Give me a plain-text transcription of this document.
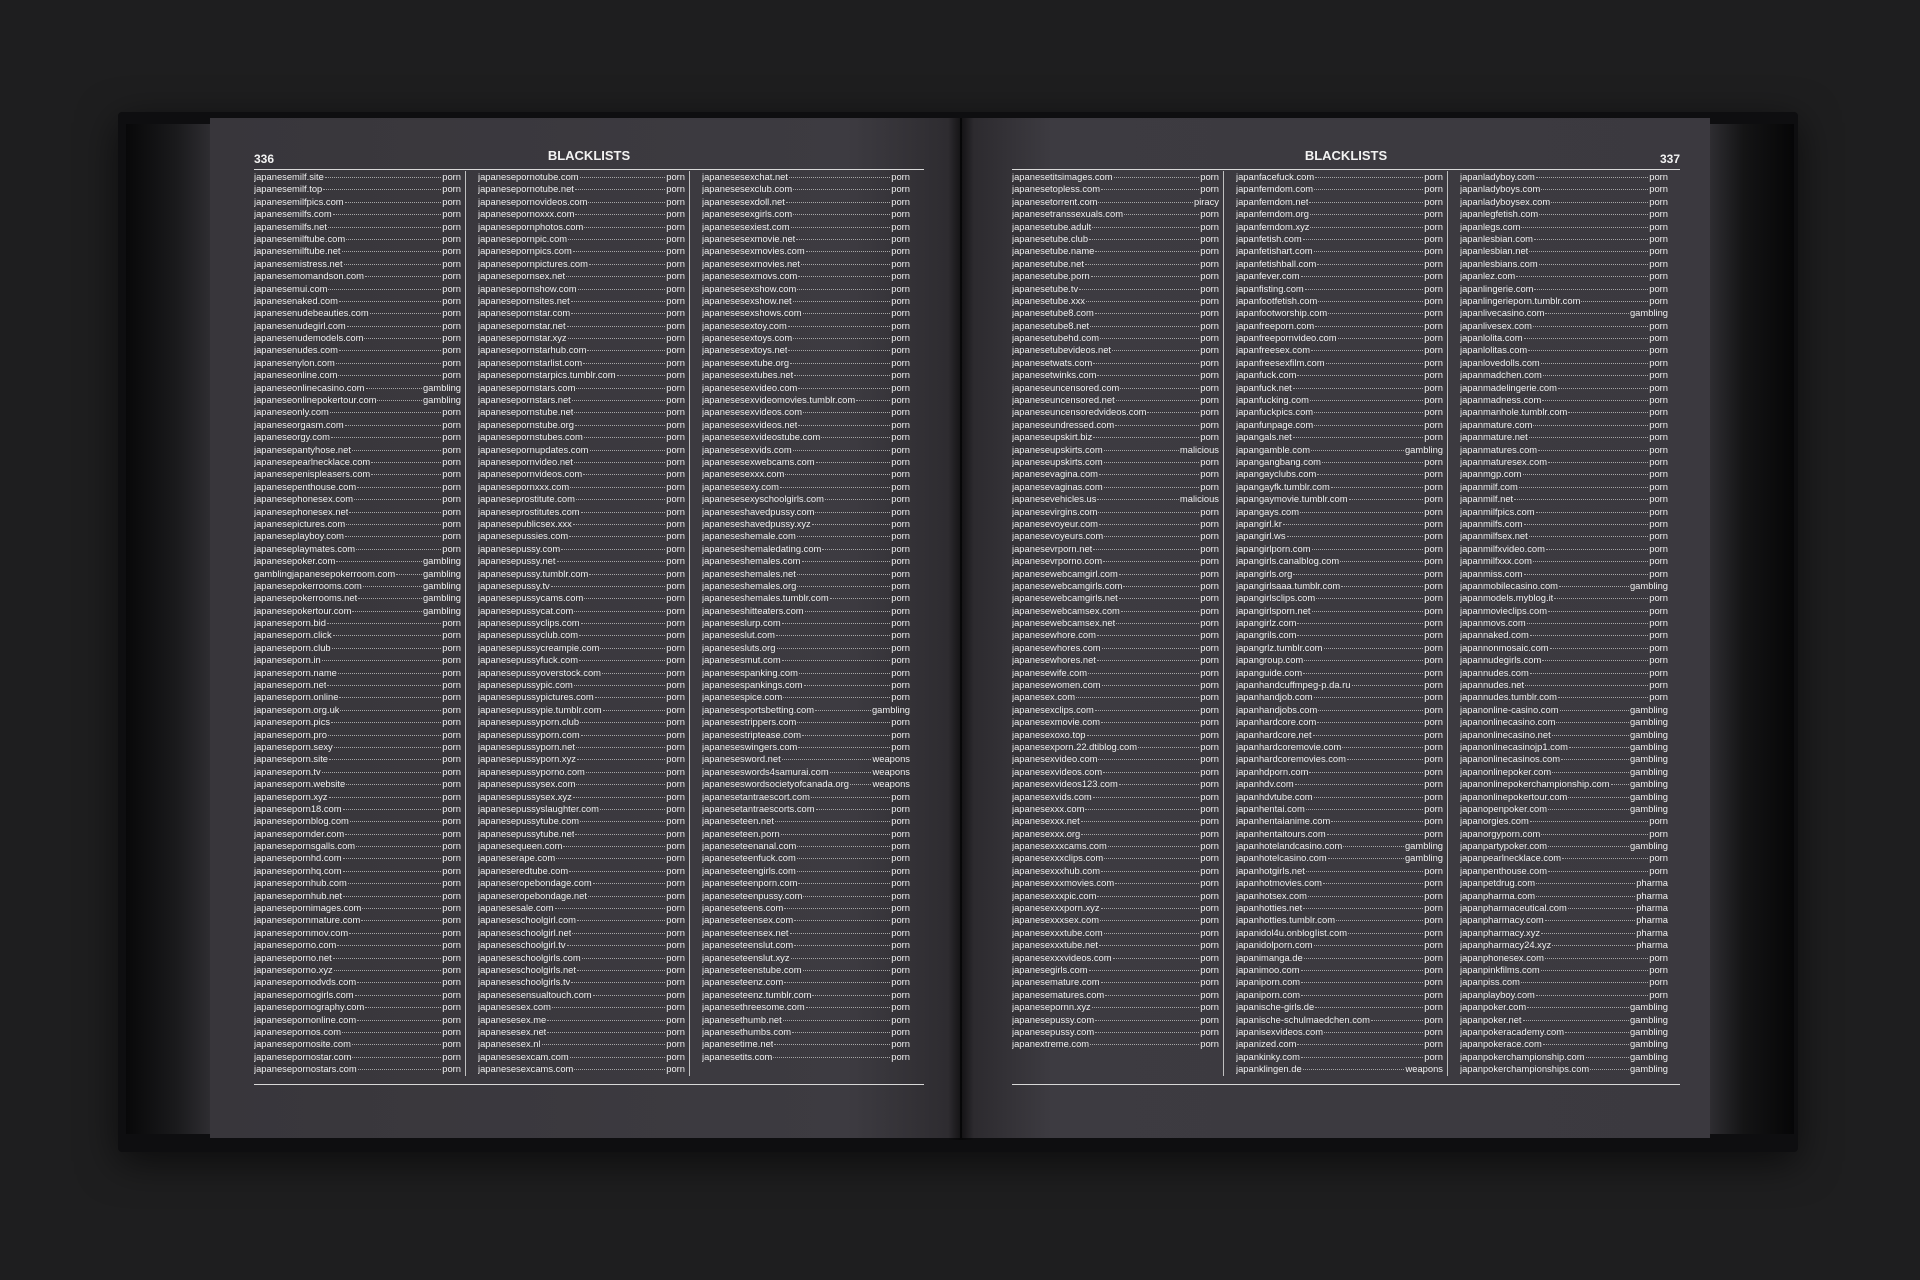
336	BLACKLISTS
japanesemilf.site	porn
japanesemilf.top	porn
japanesemilfpics.com	porn
japanesemilfs.com	porn
japanesemilfs.net	porn
japanesemilftube.com	porn
japanesemilftube.net	porn
japanesemistress.net	porn
japanesemomandson.com	porn
japanesemui.com	porn
japanesenaked.com	porn
japanesenudebeauties.com	porn
japanesenudegirl.com	porn
japanesenudemodels.com	porn
japanesenudes.com	porn
japanesenylon.com	porn
japaneseonline.com	porn
japaneseonlinecasino.com	gambling
japaneseonlinepokertour.com	gambling
japaneseonly.com	porn
japaneseorgasm.com	porn
japaneseorgy.com	porn
japanesepantyhose.net	porn
japanesepearlnecklace.com	porn
japanesepenispleasers.com	porn
japanesepenthouse.com	porn
japanesephonesex.com	porn
japanesephonesex.net	porn
japanesepictures.com	porn
japaneseplayboy.com	porn
japaneseplaymates.com	porn
japanesepoker.com	gambling
gamblingjapanesepokerroom.com	gambling
japanesepokerrooms.com	gambling
japanesepokerrooms.net	gambling
japanesepokertour.com	gambling
japaneseporn.bid	porn
japaneseporn.click	porn
japaneseporn.club	porn
japaneseporn.in	porn
japaneseporn.name	porn
japaneseporn.net	porn
japaneseporn.online	porn
japaneseporn.org.uk	porn
japaneseporn.pics	porn
japaneseporn.pro	porn
japaneseporn.sexy	porn
japaneseporn.site	porn
japaneseporn.tv	porn
japaneseporn.website	porn
japaneseporn.xyz	porn
japaneseporn18.com	porn
japanesepornblog.com	porn
japanesepornder.com	porn
japanesepornsgalls.com	porn
japanesepornhd.com	porn
japanesepornhq.com	porn
japanesepornhub.com	porn
japanesepornhub.net	porn
japanesepornimages.com	porn
japanesepornmature.com	porn
japanesepornmov.com	porn
japaneseporno.com	porn
japaneseporno.net	porn
japaneseporno.xyz	porn
japanesepornodvds.com	porn
japanesepornogirls.com	porn
japanesepornography.com	porn
japanesepornonline.com	porn
japanesepornos.com	porn
japanesepornosite.com	porn
japanesepornostar.com	porn
japanesepornostars.com	porn
japanesepornotube.com	porn
japanesepornotube.net	porn
japanesepornovideos.com	porn
japanesepornoxxx.com	porn
japanesepornphotos.com	porn
japanesepornpic.com	porn
japanesepornpics.com	porn
japanesepornpictures.com	porn
japanesepornsex.net	porn
japanesepornshow.com	porn
japanesepornsites.net	porn
japanesepornstar.com	porn
japanesepornstar.net	porn
japanesepornstar.xyz	porn
japanesepornstarhub.com	porn
japanesepornstarlist.com	porn
japanesepornstarpics.tumblr.com	porn
japanesepornstars.com	porn
japanesepornstars.net	porn
japanesepornstube.net	porn
japanesepornstube.org	porn
japanesepornstubes.com	porn
japanesepornupdates.com	porn
japanesepornvideo.net	porn
japanesepornvideos.com	porn
japanesepornxxx.com	porn
japaneseprostitute.com	porn
japaneseprostitutes.com	porn
japanesepublicsex.xxx	porn
japanesepussies.com	porn
japanesepussy.com	porn
japanesepussy.net	porn
japanesepussy.tumblr.com	porn
japanesepussy.tv	porn
japanesepussycams.com	porn
japanesepussycat.com	porn
japanesepussyclips.com	porn
japanesepussyclub.com	porn
japanesepussycreampie.com	porn
japanesepussyfuck.com	porn
japanesepussyoverstock.com	porn
japanesepussypic.com	porn
japanesepussypictures.com	porn
japanesepussypie.tumblr.com	porn
japanesepussyporn.club	porn
japanesepussyporn.com	porn
japanesepussyporn.net	porn
japanesepussyporn.xyz	porn
japanesepussyporno.com	porn
japanesepussysex.com	porn
japanesepussysex.xyz	porn
japanesepussyslaughter.com	porn
japanesepussytube.com	porn
japanesepussytube.net	porn
japanesequeen.com	porn
japaneserape.com	porn
japaneseredtube.com	porn
japaneseropebondage.com	porn
japaneseropebondage.net	porn
japanesesale.com	porn
japaneseschoolgirl.com	porn
japaneseschoolgirl.net	porn
japaneseschoolgirl.tv	porn
japaneseschoolgirls.com	porn
japaneseschoolgirls.net	porn
japaneseschoolgirls.tv	porn
japanesesensualtouch.com	porn
japanesesex.com	porn
japanesesex.me	porn
japanesesex.net	porn
japanesesex.nl	porn
japanesesexcam.com	porn
japanesesexcams.com	porn
japanesesexchat.net	porn
japanesesexclub.com	porn
japanesesexdoll.net	porn
japanesesexgirls.com	porn
japanesesexiest.com	porn
japanesesexmovie.net	porn
japanesesexmovies.com	porn
japanesesexmovies.net	porn
japanesesexmovs.com	porn
japanesesexshow.com	porn
japanesesexshow.net	porn
japanesesexshows.com	porn
japanesesextoy.com	porn
japanesesextoys.com	porn
japanesesextoys.net	porn
japanesesextube.org	porn
japanesesextubes.net	porn
japanesesexvideo.com	porn
japanesesexvideomovies.tumblr.com	porn
japanesesexvideos.com	porn
japanesesexvideos.net	porn
japanesesexvideostube.com	porn
japanesesexvids.com	porn
japanesesexwebcams.com	porn
japanesesexxx.com	porn
japanesesexy.com	porn
japanesesexyschoolgirls.com	porn
japaneseshavedpussy.com	porn
japaneseshavedpussy.xyz	porn
japaneseshemale.com	porn
japaneseshemaledating.com	porn
japaneseshemales.com	porn
japaneseshemales.net	porn
japaneseshemales.org	porn
japaneseshemales.tumblr.com	porn
japaneseshitteaters.com	porn
japaneseslurp.com	porn
japaneseslut.com	porn
japanesesluts.org	porn
japanesesmut.com	porn
japanesespanking.com	porn
japanesespankings.com	porn
japanesespice.com	porn
japanesesportsbetting.com	gambling
japanesestrippers.com	porn
japanesestriptease.com	porn
japaneseswingers.com	porn
japanesesword.net	weapons
japaneseswords4samurai.com	weapons
japaneseswordsocietyofcanada.org weapons
japanesetantraescort.com	porn
japanesetantraescorts.com	porn
japaneseteen.net	porn
japaneseteen.porn	porn
japaneseteenanal.com	porn
japaneseteenfuck.com	porn
japaneseteengirls.com	porn
japaneseteenporn.com	porn
japaneseteenpussy.com	porn
japaneseteens.com	porn
japaneseteensex.com	porn
japaneseteensex.net	porn
japaneseteenslut.com	porn
japaneseteenslut.xyz	porn
japaneseteenstube.com	porn
japaneseteenz.com	porn
japaneseteenz.tumblr.com	porn
japanesethreesome.com	porn
japanesethumb.net	porn
japanesethumbs.com	porn
japanesetime.net	porn
japanesetits.com	porn
BLACKLISTS	337
japanesetitsimages.com	porn
japanesetopless.com	porn
japanesetorrent.com	piracy
japanesetranssexuals.com	porn
japanesetube.adult	porn
japanesetube.club	porn
japanesetube.name	porn
japanesetube.net	porn
japanesetube.porn	porn
japanesetube.tv	porn
japanesetube.xxx	porn
japanesetube8.com	porn
japanesetube8.net	porn
japanesetubehd.com	porn
japanesetubevideos.net	porn
japanesetwats.com	porn
japanesetwinks.com	porn
japaneseuncensored.com	porn
japaneseuncensored.net	porn
japaneseuncensoredvideos.com	porn
japaneseundressed.com	porn
japaneseupskirt.biz	porn
japaneseupskirts.com	malicious
japaneseupskirts.com	porn
japanesevagina.com	porn
japanesevaginas.com	porn
japanesevehicles.us	malicious
japanesevirgins.com	porn
japanesevoyeur.com	porn
japanesevoyeurs.com	porn
japanesevrporn.net	porn
japanesevrporno.com	porn
japanesewebcamgirl.com	porn
japanesewebcamgirls.com	porn
japanesewebcamgirls.net	porn
japanesewebcamsex.com	porn
japanesewebcamsex.net	porn
japanesewhore.com	porn
japanesewhores.com	porn
japanesewhores.net	porn
japanesewife.com	porn
japanesewomen.com	porn
japanesex.com	porn
japanesexclips.com	porn
japanesexmovie.com	porn
japanesexoxo.top	porn
japanesexporn.22.dtiblog.com	porn
japanesexvideo.com	porn
japanesexvideos.com	porn
japanesexvideos123.com	porn
japanesexvids.com	porn
japanesexxx.com	porn
japanesexxx.net	porn
japanesexxx.org	porn
japanesexxxcams.com	porn
japanesexxxclips.com	porn
japanesexxxhub.com	porn
japanesexxxmovies.com	porn
japanesexxxpic.com	porn
japanesexxxporn.xyz	porn
japanesexxxsex.com	porn
japanesexxxtube.com	porn
japanesexxxtube.net	porn
japanesexxxvideos.com	porn
japanesegirls.com	porn
japanesemature.com	porn
japanesematures.com	porn
japanesepornn.xyz	porn
japanesepussy.com	porn
japanesepussy.com	porn
japanextreme.com	porn
japanfacefuck.com	porn
japanfemdom.com	porn
japanfemdom.net	porn
japanfemdom.org	porn
japanfemdom.xyz	porn
japanfetish.com	porn
japanfetishart.com	porn
japanfetishball.com	porn
japanfever.com	porn
japanfisting.com	porn
japanfootfetish.com	porn
japanfootworship.com	porn
japanfreeporn.com	porn
japanfreepornvideo.com	porn
japanfreesex.com	porn
japanfreesexfilm.com	porn
japanfuck.com	porn
japanfuck.net	porn
japanfucking.com	porn
japanfuckpics.com	porn
japanfunpage.com	porn
japangals.net	porn
japangamble.com	gambling
japangangbang.com	porn
japangayclubs.com	porn
japangayfk.tumblr.com	porn
japangaymovie.tumblr.com	porn
japangays.com	porn
japangirl.kr	porn
japangirl.ws	porn
japangirlporn.com	porn
japangirls.canalblog.com	porn
japangirls.org	porn
japangirlsaaa.tumblr.com	porn
japangirlsclips.com	porn
japangirlsporn.net	porn
japangirlz.com	porn
japangrils.com	porn
japangrlz.tumblr.com	porn
japangroup.com	porn
japanguide.com	porn
japanhandcuffmpeg-p.da.ru	porn
japanhandjob.com	porn
japanhandjobs.com	porn
japanhardcore.com	porn
japanhardcore.net	porn
japanhardcoremovie.com	porn
japanhardcoremovies.com	porn
japanhdporn.com	porn
japanhdv.com	porn
japanhdvtube.com	porn
japanhentai.com	porn
japanhentaianime.com	porn
japanhentaitours.com	porn
japanhotelandcasino.com	gambling
japanhotelcasino.com	gambling
japanhotgirls.net	porn
japanhotmovies.com	porn
japanhotsex.com	porn
japanhotties.net	porn
japanhotties.tumblr.com	porn
japanidol4u.onblogIist.com	porn
japanidolporn.com	porn
japanimanga.de	porn
japanimoo.com	porn
japaniporn.com	porn
japaniporn.com	porn
japanische-girls.de	porn
japanische-schulmaedchen.com	porn
japanisexvideos.com	porn
japanized.com	porn
japankinky.com	porn
japanklingen.de	weapons
japanladyboy.com	porn
japanladyboys.com	porn
japanladyboysex.com	porn
japanlegfetish.com	porn
japanlegs.com	porn
japanlesbian.com	porn
japanlesbian.net	porn
japanlesbians.com	porn
japanlez.com	porn
japanlingerie.com	porn
japanlingerieporn.tumblr.com	porn
japanlivecasino.com	gambling
japanlivesex.com	porn
japanlolita.com	porn
japanlolitas.com	porn
japanlovedolls.com	porn
japanmadchen.com	porn
japanmadelingerie.com	porn
japanmadness.com	porn
japanmanhole.tumblr.com	porn
japanmature.com	porn
japanmature.net	porn
japanmatures.com	porn
japanmaturesex.com	porn
japanmgp.com	porn
japanmilf.com	porn
japanmilf.net	porn
japanmilfpics.com	porn
japanmilfs.com	porn
japanmilfsex.net	porn
japanmilfxvideo.com	porn
japanmilfxxx.com	porn
japanmiss.com	porn
japanmobilecasino.com	gambling
japanmodels.myblog.it	porn
japanmovieclips.com	porn
japanmovs.com	porn
japannaked.com	porn
japannonmosaic.com	porn
japannudegirls.com	porn
japannudes.com	porn
japannudes.net	porn
japannudes.tumblr.com	porn
japanonline-casino.com	gambling
japanonlinecasino.com	gambling
japanonlinecasino.net	gambling
japanonlinecasinojp1.com	gambling
japanonlinecasinos.com	gambling
japanonlinepoker.com	gambling
japanonlinepokerchampionship.com gambling
japanonlinepokertour.com	gambling
japanopenpoker.com	gambling
japanorgies.com	porn
japanorgyporn.com	porn
japanpartypoker.com	gambling
japanpearlnecklace.com	porn
japanpenthouse.com	porn
japanpetdrug.com	pharma
japanpharma.com	pharma
japanpharmaceutical.com	pharma
japanpharmacy.com	pharma
japanpharmacy.xyz	pharma
japanpharmacy24.xyz	pharma
japanphonesex.com	porn
japanpinkfilms.com	porn
japanpiss.com	porn
japanplayboy.com	porn
japanpoker.com	gambling
japanpoker.net	gambling
japanpokeracademy.com	gambling
japanpokerace.com	gambling
japanpokerchampionship.com	gambling
japanpokerchampionships.com	gambling
